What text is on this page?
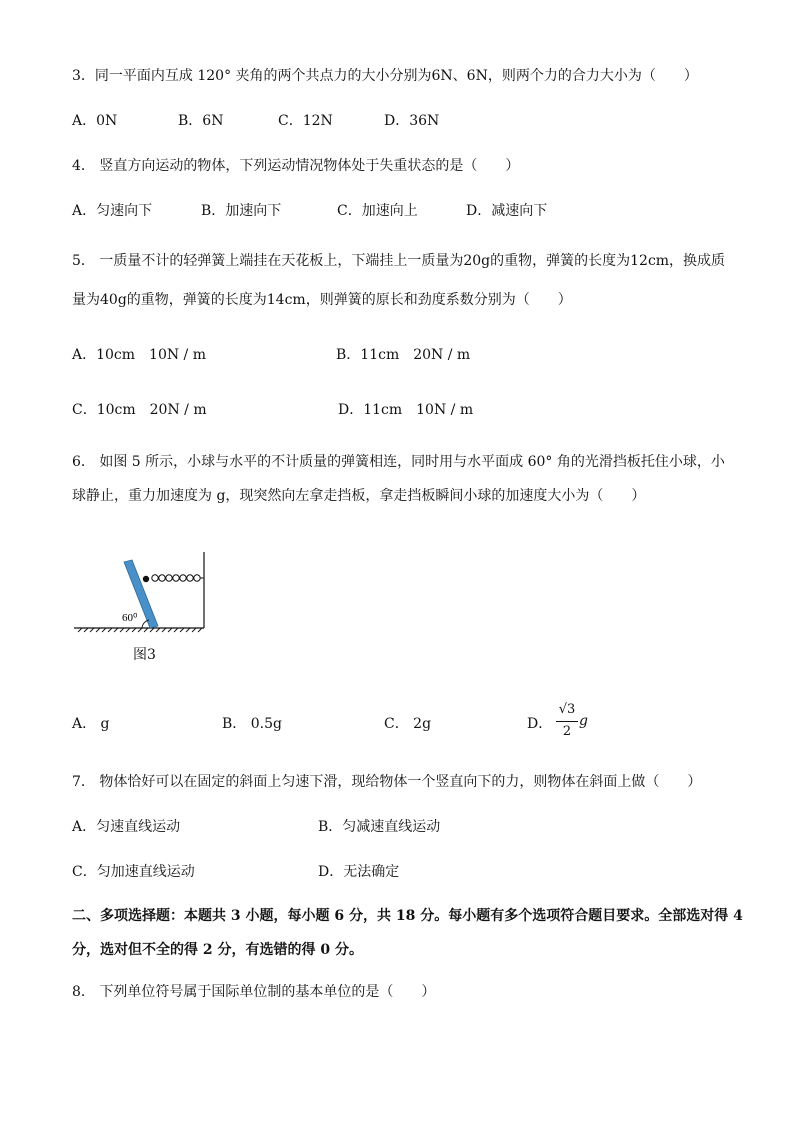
3．同一平面内互成 120° 夹角的两个共点力的大小分别为6N、6N，则两个力的合力大小为（　　）
A．0N	B．6N	C．12N	D．36N
4． 竖直方向运动的物体，下列运动情况物体处于失重状态的是（　　）
A．匀速向下	B．加速向下	C．加速向上	D．减速向下
5． 一质量不计的轻弹簧上端挂在天花板上，下端挂上一质量为20g的重物，弹簧的长度为12cm，换成质
量为40g的重物，弹簧的长度为14cm，则弹簧的原长和劲度系数分别为（　　）
A．10cm　10N / m	B．11cm　20N / m
C．10cm　20N / m	D．11cm　10N / m
6． 如图 5 所示，小球与水平的不计质量的弹簧相连，同时用与水平面成 60° 角的光滑挡板托住小球，小
球静止，重力加速度为 g，现突然向左拿走挡板，拿走挡板瞬间小球的加速度大小为（　　）
60⁰
图3
A． g	B． 0.5g	C． 2g	D．
√3
2
g
7． 物体恰好可以在固定的斜面上匀速下滑，现给物体一个竖直向下的力，则物体在斜面上做（　　）
A．匀速直线运动	B．匀减速直线运动
C．匀加速直线运动	D．无法确定
二、多项选择题：本题共 3 小题，每小题 6 分，共 18 分。每小题有多个选项符合题目要求。全部选对得 4
分，选对但不全的得 2 分，有选错的得 0 分。
8． 下列单位符号属于国际单位制的基本单位的是（　　）
